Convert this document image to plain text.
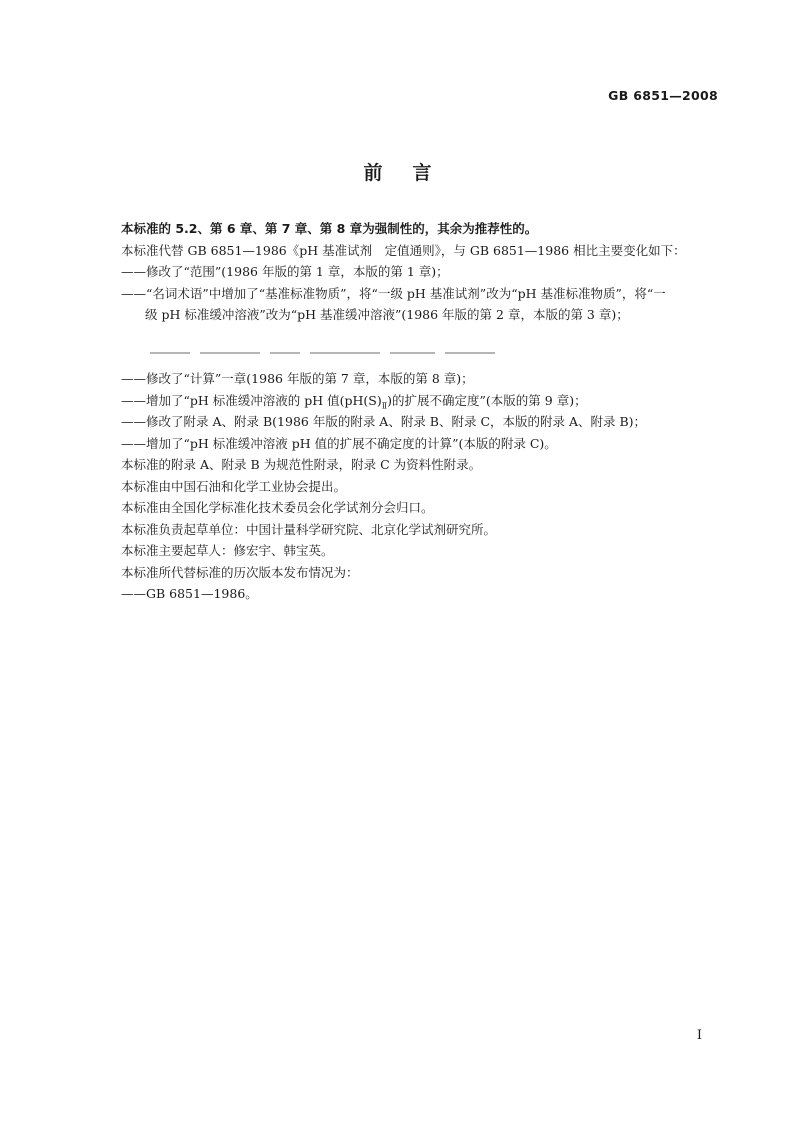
GB 6851—2008
前言
本标准的 5.2、第 6 章、第 7 章、第 8 章为强制性的，其余为推荐性的。
本标准代替 GB 6851—1986《pH 基准试剂　定值通则》，与 GB 6851—1986 相比主要变化如下：
——修改了“范围”(1986 年版的第 1 章，本版的第 1 章)；
——“名词术语”中增加了“基准标准物质”，将“一级 pH 基准试剂”改为“pH 基准标准物质”，将“一
级 pH 标准缓冲溶液”改为“pH 基准缓冲溶液”(1986 年版的第 2 章，本版的第 3 章)；
——修改了“计算”一章(1986 年版的第 7 章，本版的第 8 章)；
——增加了“pH 标准缓冲溶液的 pH 值$(pH(S)_Ⅱ)$的扩展不确定度”(本版的第 9 章)；
——修改了附录 A、附录 B(1986 年版的附录 A、附录 B、附录 C，本版的附录 A、附录 B)；
——增加了“pH 标准缓冲溶液 pH 值的扩展不确定度的计算”(本版的附录 C)。
本标准的附录 A、附录 B 为规范性附录，附录 C 为资料性附录。
本标准由中国石油和化学工业协会提出。
本标准由全国化学标准化技术委员会化学试剂分会归口。
本标准负责起草单位：中国计量科学研究院、北京化学试剂研究所。
本标准主要起草人：修宏宇、韩宝英。
本标准所代替标准的历次版本发布情况为：
——GB 6851—1986。
I
